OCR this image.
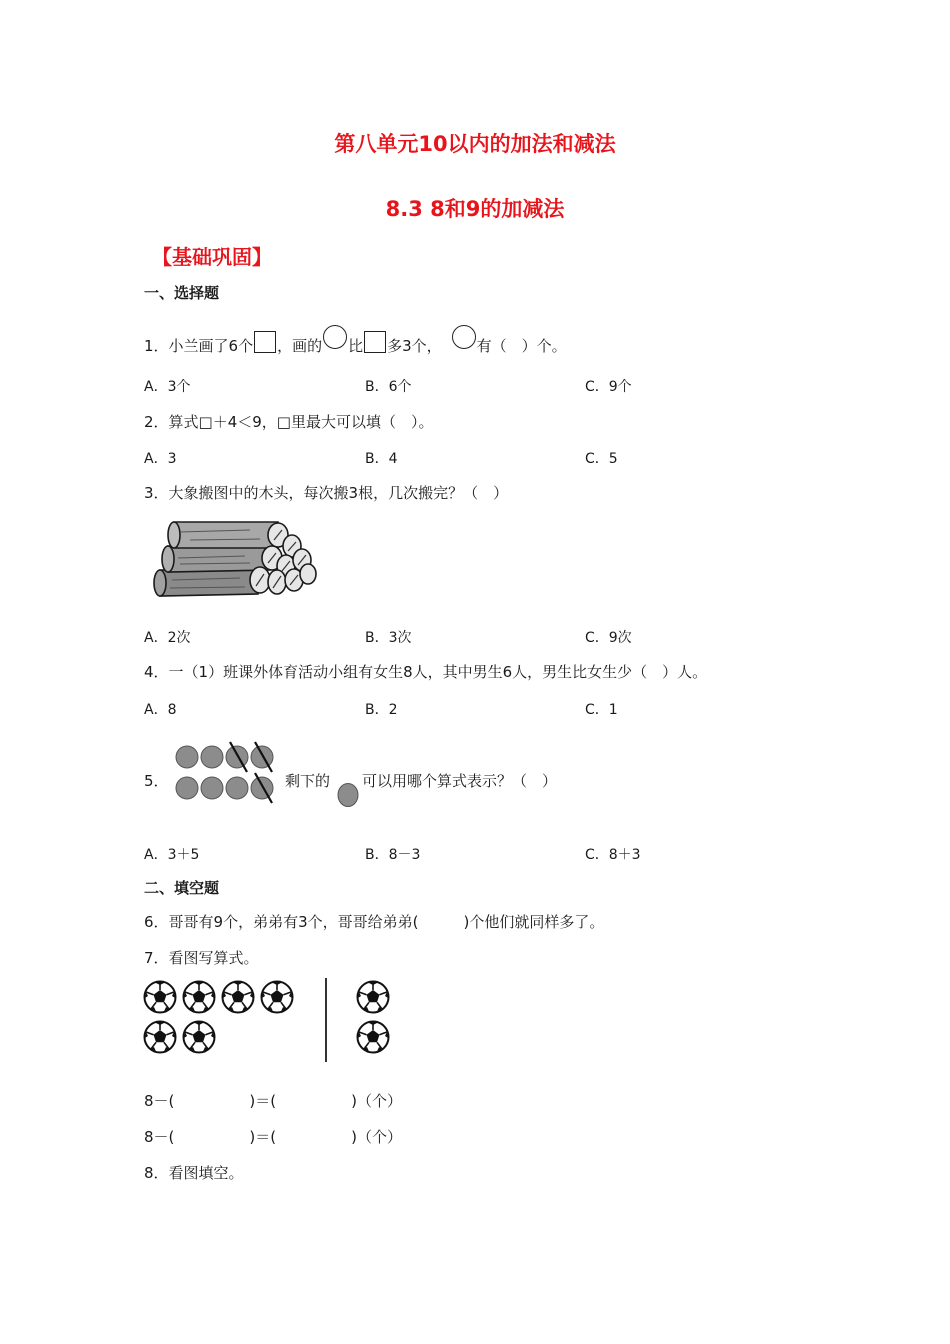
第八单元10以内的加法和减法
8.3 8和9的加减法
【基础巩固】
一、选择题
1．小兰画了6个 ，画的 比 多3个， 有（　）个。
A．3个	B．6个	C．9个
2．算式□＋4＜9，□里最大可以填（　）。
A．3	B．4	C．5
3．大象搬图中的木头，每次搬3根，几次搬完？（　）
A．2次	B．3次	C．9次
4．一（1）班课外体育活动小组有女生8人，其中男生6人，男生比女生少（　）人。
A．8	B．2	C．1
5．	剩下的 可以用哪个算式表示？（　）
A．3＋5	B．8－3	C．8＋3
二、填空题
6．哥哥有9个，弟弟有3个，哥哥给弟弟(　　　)个他们就同样多了。
7．看图写算式。
8－(　　　　　)＝(　　　　　)（个）
8－(　　　　　)＝(　　　　　)（个）
8．看图填空。
